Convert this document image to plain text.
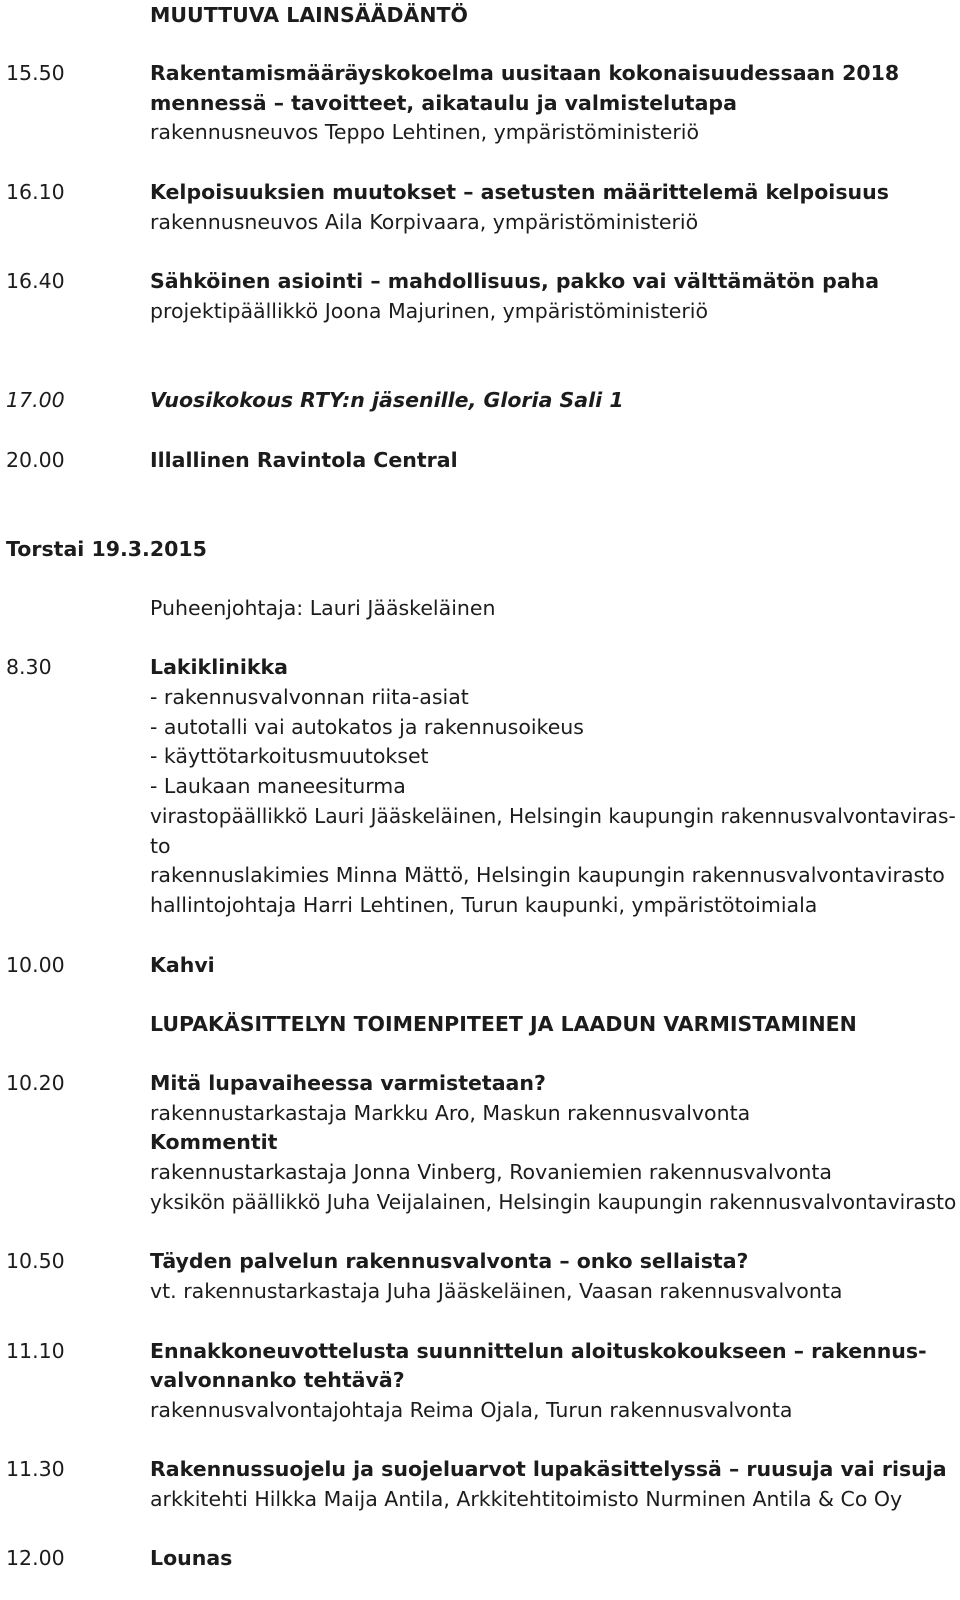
MUUTTUVA LAINSÄÄDÄNTÖ
15.50	Rakentamismääräyskokoelma uusitaan kokonaisuudessaan 2018
mennessä – tavoitteet, aikataulu ja valmistelutapa
rakennusneuvos Teppo Lehtinen, ympäristöministeriö
16.10	Kelpoisuuksien muutokset – asetusten määrittelemä kelpoisuus
rakennusneuvos Aila Korpivaara, ympäristöministeriö
16.40	Sähköinen asiointi – mahdollisuus, pakko vai välttämätön paha
projektipäällikkö Joona Majurinen, ympäristöministeriö
17.00	Vuosikokous RTY:n jäsenille, Gloria Sali 1
20.00	Illallinen Ravintola Central
Torstai 19.3.2015
Puheenjohtaja: Lauri Jääskeläinen
8.30	Lakiklinikka
- rakennusvalvonnan riita-asiat
- autotalli vai autokatos ja rakennusoikeus
- käyttötarkoitusmuutokset
- Laukaan maneesiturma
virastopäällikkö Lauri Jääskeläinen, Helsingin kaupungin rakennusvalvontaviras-
to
rakennuslakimies Minna Mättö, Helsingin kaupungin rakennusvalvontavirasto
hallintojohtaja Harri Lehtinen, Turun kaupunki, ympäristötoimiala
10.00	Kahvi
LUPAKÄSITTELYN TOIMENPITEET JA LAADUN VARMISTAMINEN
10.20	Mitä lupavaiheessa varmistetaan?
rakennustarkastaja Markku Aro, Maskun rakennusvalvonta
Kommentit
rakennustarkastaja Jonna Vinberg, Rovaniemien rakennusvalvonta
yksikön päällikkö Juha Veijalainen, Helsingin kaupungin rakennusvalvontavirasto
10.50	Täyden palvelun rakennusvalvonta – onko sellaista?
vt. rakennustarkastaja Juha Jääskeläinen, Vaasan rakennusvalvonta
11.10	Ennakkoneuvottelusta suunnittelun aloituskokoukseen – rakennus-
valvonnanko tehtävä?
rakennusvalvontajohtaja Reima Ojala, Turun rakennusvalvonta
11.30	Rakennussuojelu ja suojeluarvot lupakäsittelyssä – ruusuja vai risuja
arkkitehti Hilkka Maija Antila, Arkkitehtitoimisto Nurminen Antila & Co Oy
12.00	Lounas
